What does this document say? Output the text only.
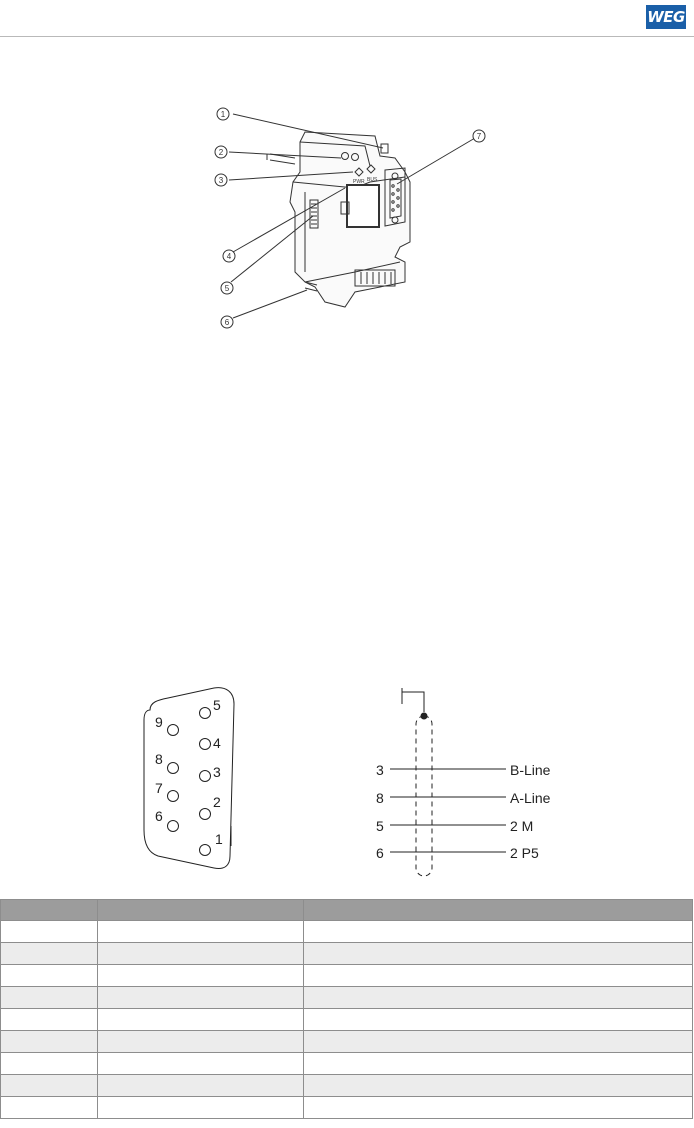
WEG
PWR BUS
1
2
3
4
5
6
7
5
4
3
2
1
9
8
7
6
3
8
5
6
B-Line
A-Line
2 M
2 P5
